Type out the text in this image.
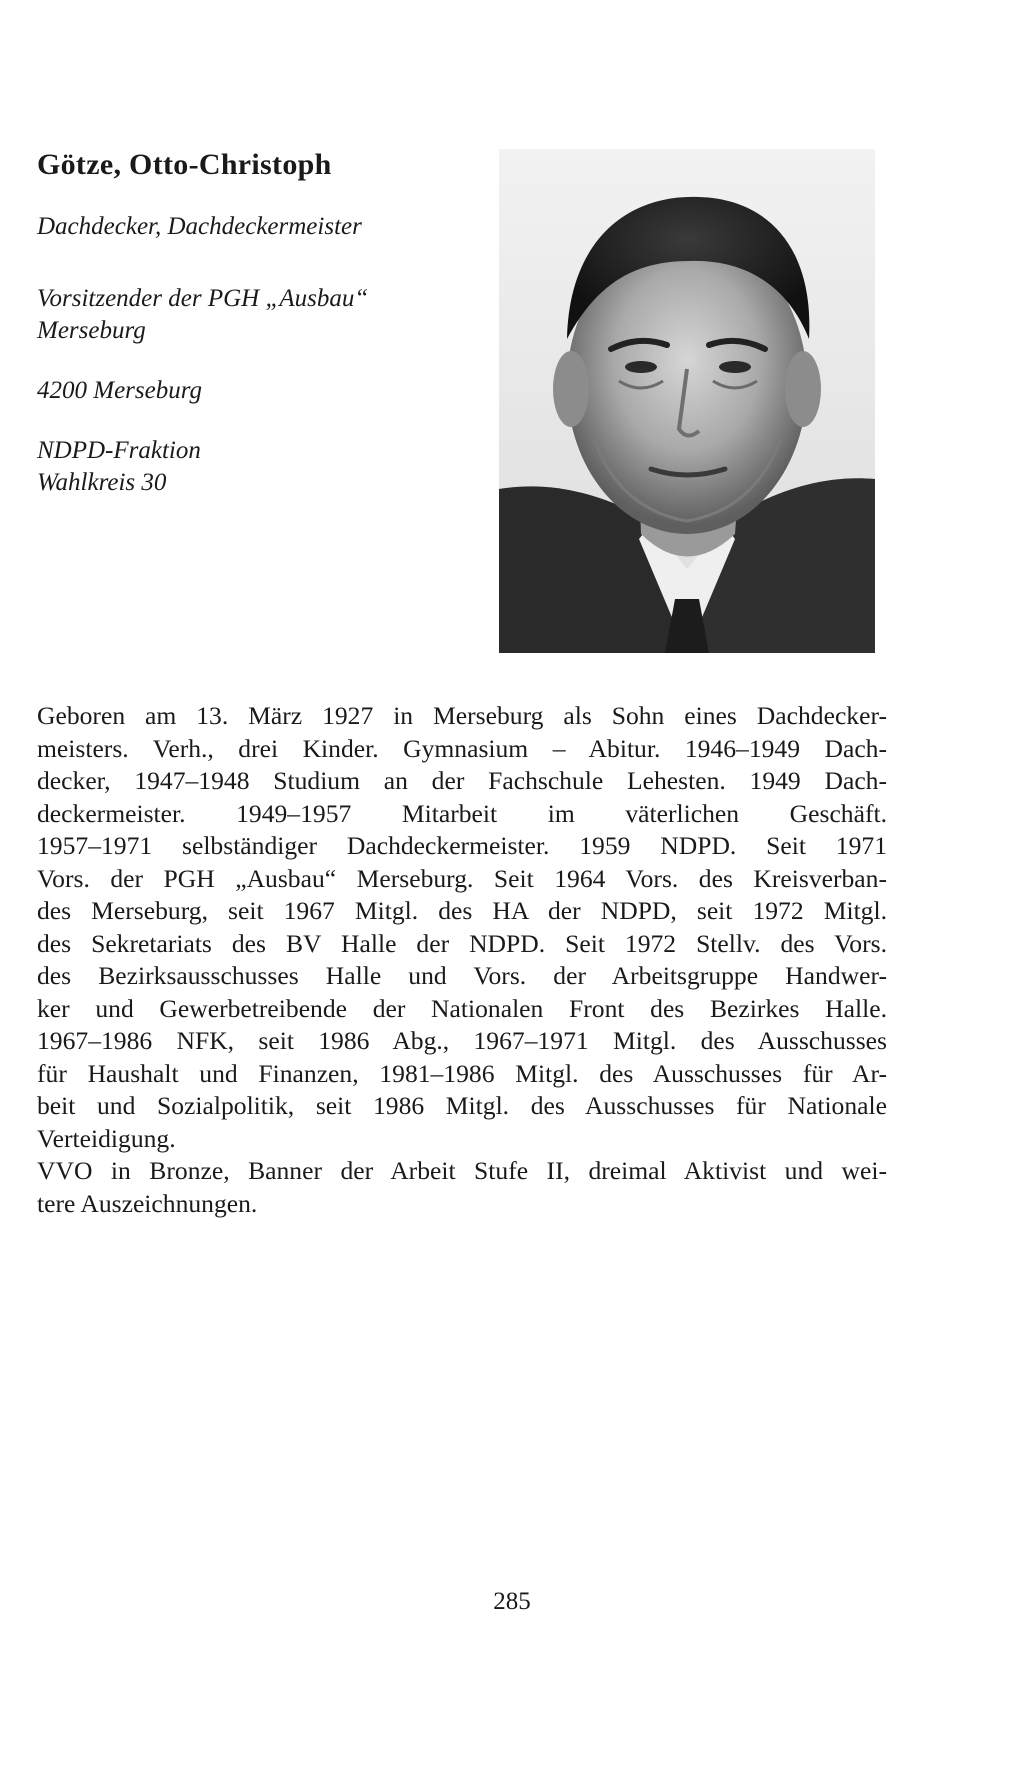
Götze, Otto-Christoph
Dachdecker, Dachdeckermeister
Vorsitzender der PGH „Ausbau“
Merseburg
4200 Merseburg
NDPD-Fraktion
Wahlkreis 30
Geboren am 13. März 1927 in Merseburg als Sohn eines Dachdecker-
meisters. Verh., drei Kinder. Gymnasium – Abitur. 1946–1949 Dach-
decker, 1947–1948 Studium an der Fachschule Lehesten. 1949 Dach-
deckermeister. 1949–1957 Mitarbeit im väterlichen Geschäft.
1957–1971 selbständiger Dachdeckermeister. 1959 NDPD. Seit 1971
Vors. der PGH „Ausbau“ Merseburg. Seit 1964 Vors. des Kreisverban-
des Merseburg, seit 1967 Mitgl. des HA der NDPD, seit 1972 Mitgl.
des Sekretariats des BV Halle der NDPD. Seit 1972 Stellv. des Vors.
des Bezirksausschusses Halle und Vors. der Arbeitsgruppe Handwer-
ker und Gewerbetreibende der Nationalen Front des Bezirkes Halle.
1967–1986 NFK, seit 1986 Abg., 1967–1971 Mitgl. des Ausschusses
für Haushalt und Finanzen, 1981–1986 Mitgl. des Ausschusses für Ar-
beit und Sozialpolitik, seit 1986 Mitgl. des Ausschusses für Nationale
Verteidigung.
VVO in Bronze, Banner der Arbeit Stufe II, dreimal Aktivist und wei-
tere Auszeichnungen.
285
